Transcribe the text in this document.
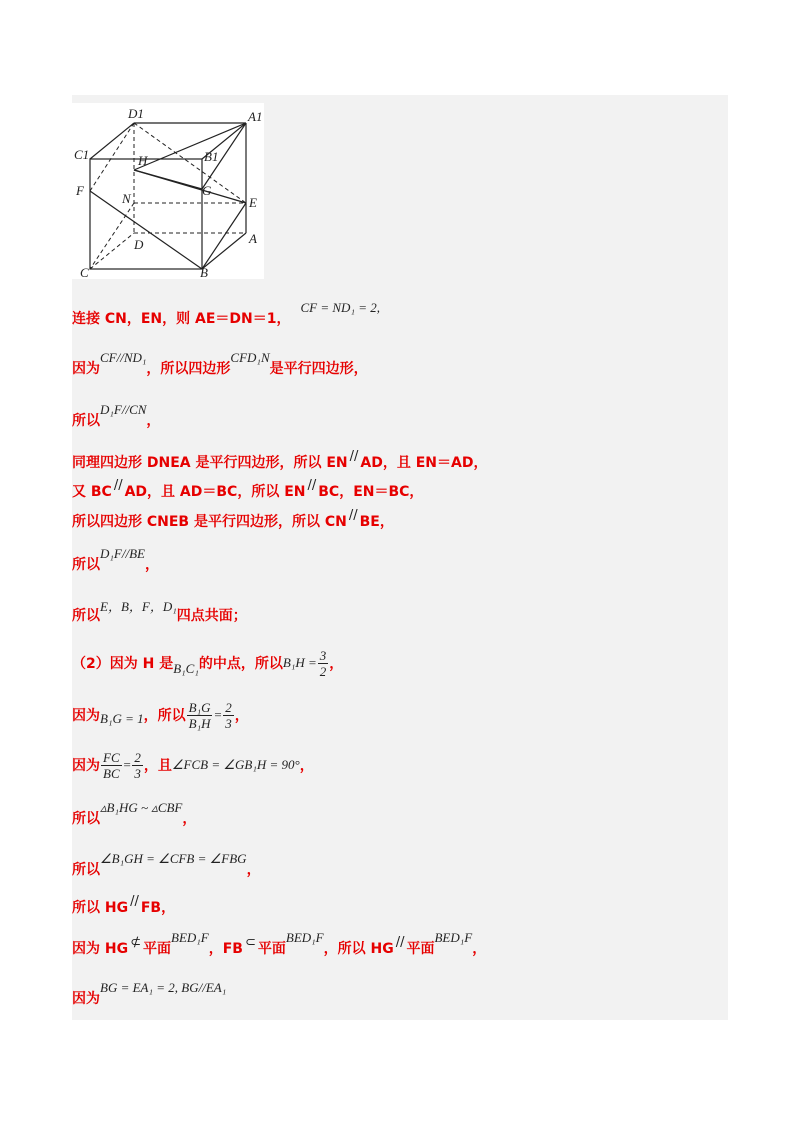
D1	A1
C1	B1
H
G
F
N	E
D	A
C	B
连接 CN，EN，则 AE＝DN＝1，
CF = ND₁ = 2,
因为
CF//ND₁
，所以四边形
CFD₁N
是平行四边形，
所以
D₁F//CN
，
同理四边形 DNEA 是平行四边形，所以 EN // AD，且 EN＝AD，
又 BC // AD，且 AD＝BC，所以 EN // BC，EN＝BC，
所以四边形 CNEB 是平行四边形，所以 CN // BE，
所以
D₁F//BE
，
所以
E，B，F，D₁
四点共面；
（2）因为 H 是 B₁C₁ 的中点，所以 $B_1H = \frac{3}{2}$ ，
因为 B₁G = 1 ，所以 $\frac{\text{B₁G}}{\text{B₁H}} = \frac{2}{3}$ ，
因为 $\frac{FC}{BC} = \frac{2}{3}$ ，且 ∠FCB = ∠GB₁H = 90° ，
所以
▵B₁HG ~ ▵CBF
，
所以
∠B₁GH = ∠CFB = ∠FBG
，
所以 HG // FB，
因为 HG ⊄ 平面
BED₁F
，FB ⊂ 平面
BED₁F
，所以 HG // 平面
BED₁F
，
因为
BG = EA₁ = 2, BG//EA₁
